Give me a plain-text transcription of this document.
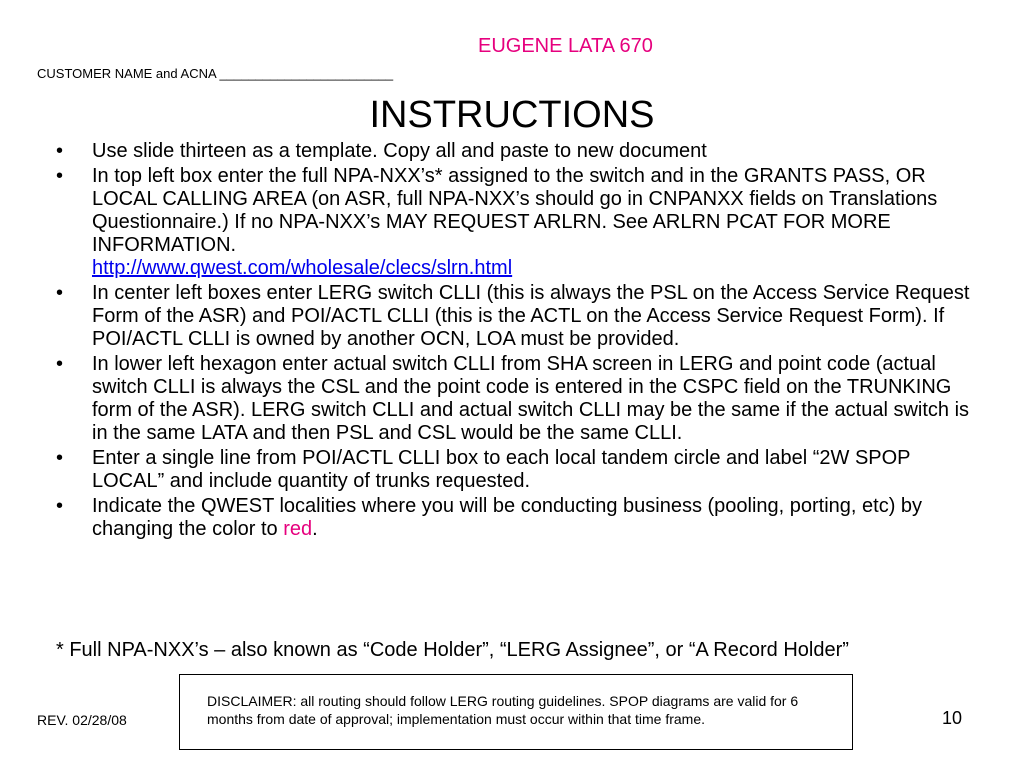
EUGENE LATA 670
CUSTOMER NAME and ACNA ________________________
INSTRUCTIONS
• Use slide thirteen as a template. Copy all and paste to new document
• In top left box enter the full NPA-NXX’s* assigned to the switch and in the GRANTS PASS, OR LOCAL CALLING AREA (on ASR, full NPA-NXX’s should go in CNPANXX fields on Translations Questionnaire.) If no NPA-NXX’s MAY REQUEST ARLRN. See ARLRN PCAT FOR MORE INFORMATION.
http://www.qwest.com/wholesale/clecs/slrn.html
• In center left boxes enter LERG switch CLLI (this is always the PSL on the Access Service Request Form of the ASR) and POI/ACTL CLLI (this is the ACTL on the Access Service Request Form). If POI/ACTL CLLI is owned by another OCN, LOA must be provided.
• In lower left hexagon enter actual switch CLLI from SHA screen in LERG and point code (actual switch CLLI is always the CSL and the point code is entered in the CSPC field on the TRUNKING form of the ASR). LERG switch CLLI and actual switch CLLI may be the same if the actual switch is in the same LATA and then PSL and CSL would be the same CLLI.
• Enter a single line from POI/ACTL CLLI box to each local tandem circle and label “2W SPOP LOCAL” and include quantity of trunks requested.
• Indicate the QWEST localities where you will be conducting business (pooling, porting, etc) by changing the color to red.
* Full NPA-NXX’s – also known as “Code Holder”, “LERG Assignee”, or “A Record Holder”
DISCLAIMER: all routing should follow LERG routing guidelines. SPOP diagrams are valid for 6 months from date of approval; implementation must occur within that time frame.
REV. 02/28/08	10
